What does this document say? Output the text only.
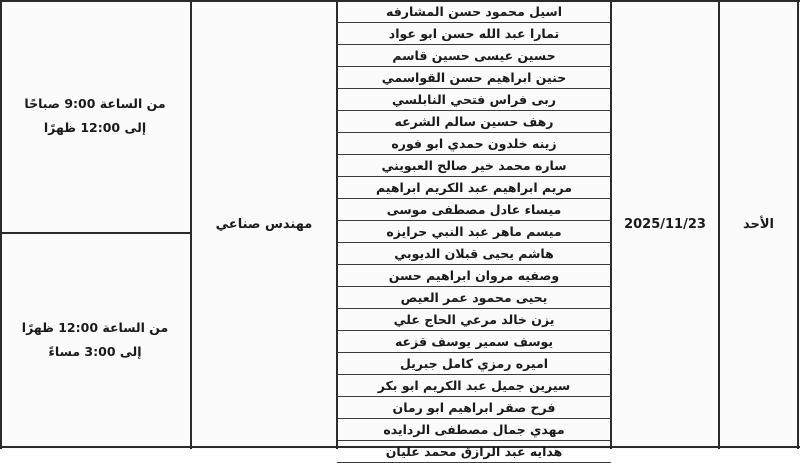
من الساعة 9:00 صباحًا
إلى 12:00 ظهرًا
من الساعة 12:00 ظهرًا
إلى 3:00 مساءً
مهندس صناعي
اسيل محمود حسن المشارفه
تمارا عبد الله حسن ابو عواد
حسين عيسى حسين قاسم
حنين ابراهيم حسن القواسمي
ربى فراس فتحي النابلسي
رهف حسين سالم الشرعه
زينه خلدون حمدي ابو فوره
ساره محمد خير صالح العبويني
مريم ابراهيم عبد الكريم ابراهيم
ميساء عادل مصطفى موسى
ميسم ماهر عبد النبي حرايزه
هاشم يحيى قبلان الديوبي
وصفيه مروان ابراهيم حسن
يحيى محمود عمر العيص
يزن خالد مرعي الحاج علي
يوسف سمير يوسف قزعه
اميره رمزي كامل جبريل
سيرين جميل عبد الكريم ابو بكر
فرح صقر ابراهيم ابو رمان
مهدي جمال مصطفى الردايده
هدايه عبد الرازق محمد عليان
2025/11/23	الأحد
